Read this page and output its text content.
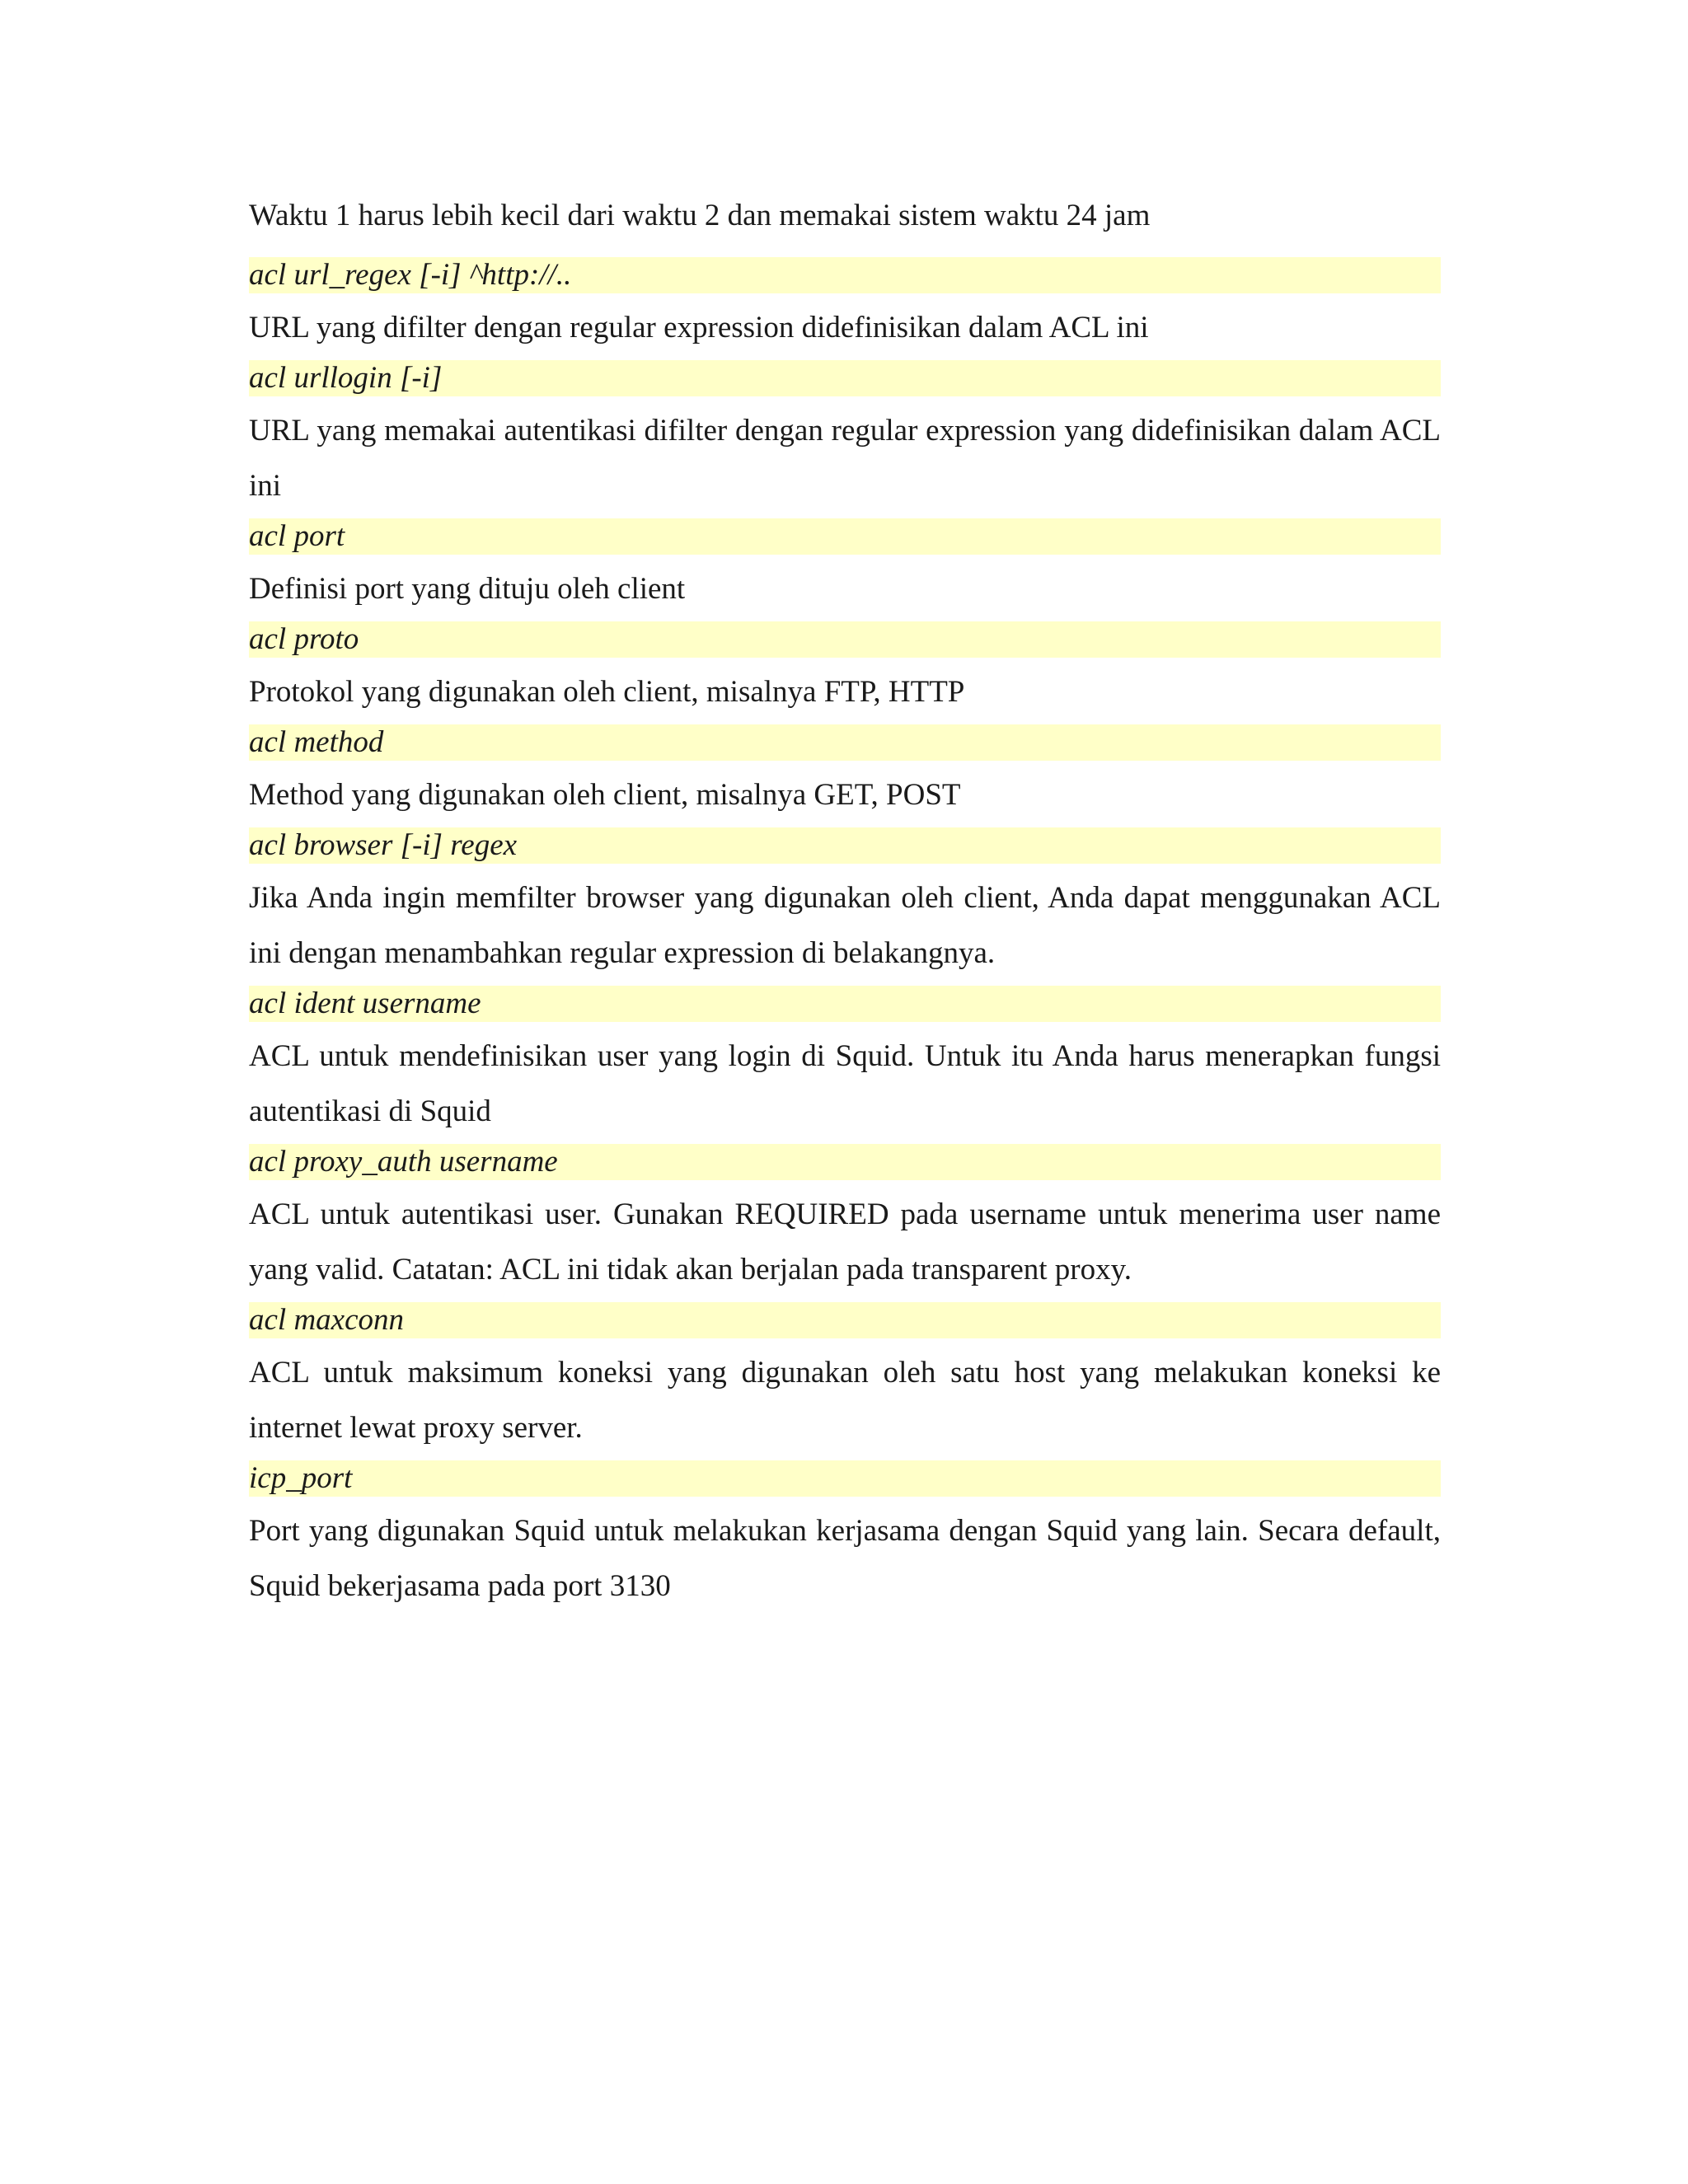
Waktu 1 harus lebih kecil dari waktu 2 dan memakai sistem waktu 24 jam

acl url_regex [-i] ^http://..

URL yang difilter dengan regular expression didefinisikan dalam ACL ini

acl urllogin [-i]

URL yang memakai autentikasi difilter dengan regular expression yang didefinisikan dalam ACL ini

acl port

Definisi port yang dituju oleh client

acl proto

Protokol yang digunakan oleh client, misalnya FTP, HTTP

acl method

Method yang digunakan oleh client, misalnya GET, POST

acl browser [-i] regex

Jika Anda ingin memfilter browser yang digunakan oleh client, Anda dapat menggunakan ACL ini dengan menambahkan regular expression di belakangnya.

acl ident username

ACL untuk mendefinisikan user yang login di Squid. Untuk itu Anda harus menerapkan fungsi autentikasi di Squid

acl proxy_auth username

ACL untuk autentikasi user. Gunakan REQUIRED pada username untuk menerima user name yang valid. Catatan: ACL ini tidak akan berjalan pada transparent proxy.

acl maxconn

ACL untuk maksimum koneksi yang digunakan oleh satu host yang melakukan koneksi ke internet lewat proxy server.

icp_port

Port yang digunakan Squid untuk melakukan kerjasama dengan Squid yang lain. Secara default, Squid bekerjasama pada port 3130
